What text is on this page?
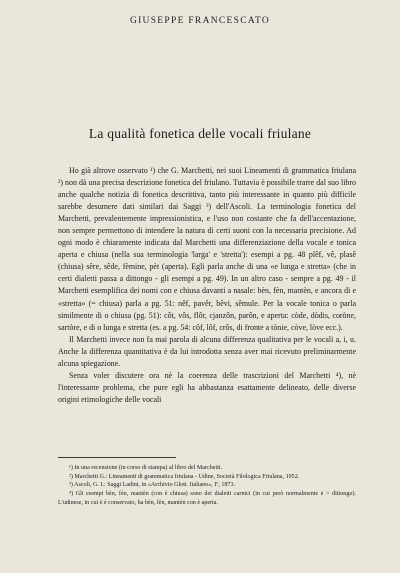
GIUSEPPE FRANCESCATO
La qualità fonetica delle vocali friulane

Ho già altrove osservato ¹) che G. Marchetti, nei suoi Lineamenti di grammatica friulana ²) non dà una precisa descrizione fonetica del friulano. Tuttavia è possibile trarre dal suo libro anche qualche notizia di fonetica descrittiva, tanto più interessante in quanto più difficile sarebbe desumere dati similari dai Saggi ³) dell'Ascoli. La terminologia fonetica del Marchetti, prevalentemente impressionistica, e l'uso non costante che fa dell'accentazione, non sempre permettono di intendere la natura di certi suoni con la necessaria precisione. Ad ogni modo è chiaramente indicata dal Marchetti una differenziazione della vocale e tonica aperta e chiusa (nella sua terminologia 'larga' e 'stretta'): esempi a pg. 48 plêf, vê, plasê (chiusa) sêre, sêde, fèmine, pèt (aperta). Egli parla anche di una «e lunga e stretta» (che in certi dialetti passa a dittongo - gli esempi a pg. 49). In un altro caso - sempre a pg. 49 - il Marchetti esemplifica dei nomi con e chiusa davanti a nasale: bèn, fèn, mantèn, e ancora di e «stretta» (= chiusa) parla a pg. 51: nêf, pavêr, bêvi, sêmule. Per la vocale tonica o parla similmente di o chiusa (pg. 51): côt, vôs, flôr, cjanzôn, parôn, e aperta: còde, dòdis, coròne, sartòre, e di o lunga e stretta (es. a pg. 54: côf, lôf, crôs, di fronte a tònie, còve, lòve ecc.).

Il Marchetti invece non fa mai parola di alcuna differenza qualitativa per le vocali a, i, u. Anche la differenza quantitativa è da lui introdotta senza aver mai ricevuto preliminarmente alcuna spiegazione.

Senza voler discutere ora nè la coerenza delle trascrizioni del Marchetti ⁴), nè l'interessante problema, che pure egli ha abbastanza esattamente delineato, delle diverse origini etimologiche delle vocali

¹) In una recensione (in corso di stampa) al libro del Marchetti.

²) Marchetti G.: Lineamenti di grammatica friulana - Udine, Società Filologica Friulana, 1952.

³) Ascoli, G. I.: Saggi Ladini, in «Archivio Glott. Italiano», Iº, 1873.

⁴) Gli esempi bèn, fèn, mantèn (con è chiusa) sono dei dialetti carnici (in cui però normalmente ė > dittongo). L'udinese, in cui è è conservato, ha bèn, fèn, mantèn con è aperta.
